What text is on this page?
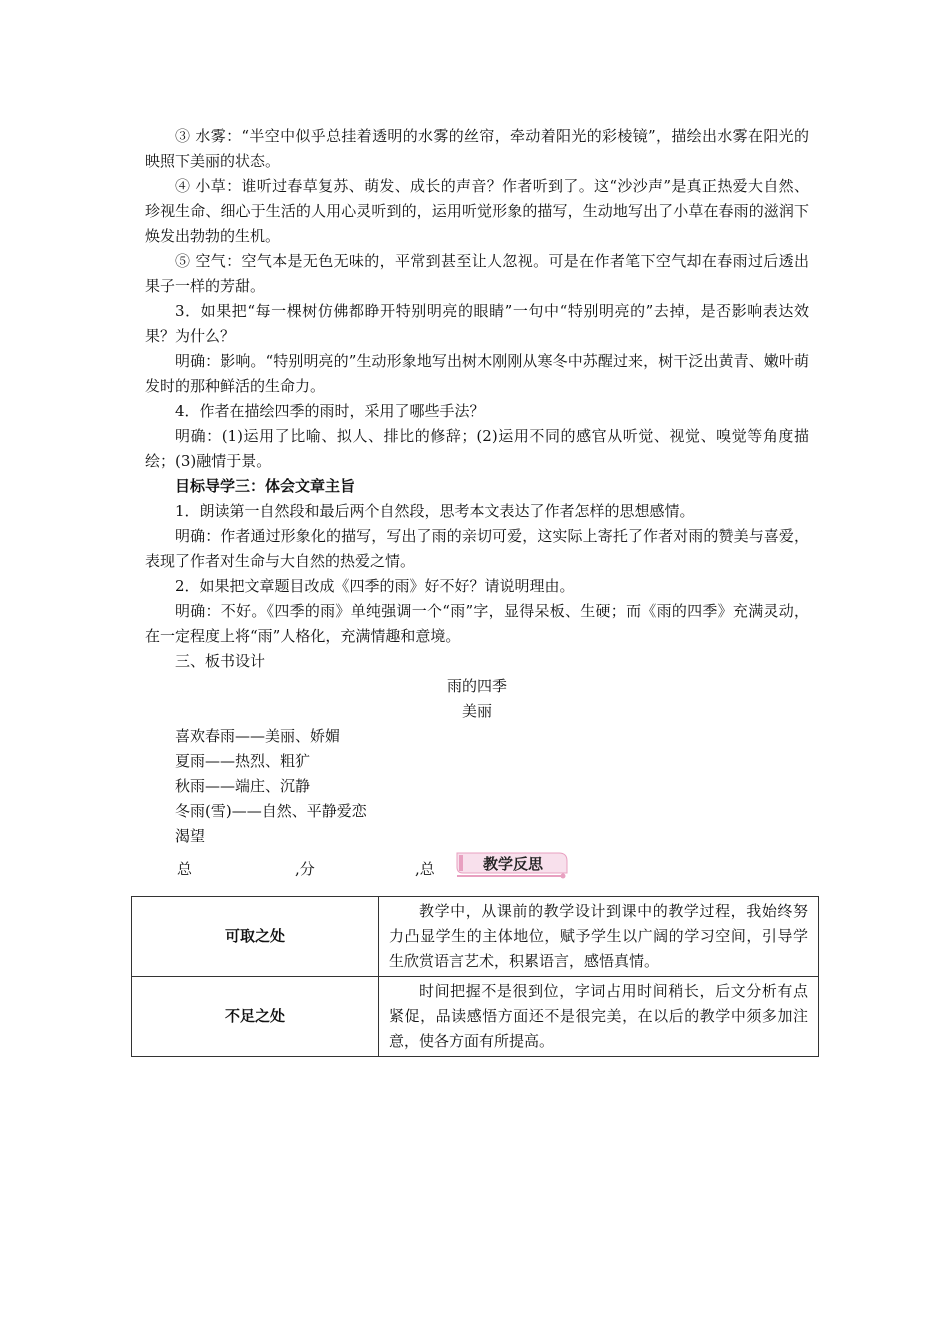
③ 水雾：“半空中似乎总挂着透明的水雾的丝帘，牵动着阳光的彩棱镜”，描绘出水雾在阳光的映照下美丽的状态。

④ 小草：谁听过春草复苏、萌发、成长的声音？作者听到了。这“沙沙声”是真正热爱大自然、珍视生命、细心于生活的人用心灵听到的，运用听觉形象的描写，生动地写出了小草在春雨的滋润下焕发出勃勃的生机。

⑤ 空气：空气本是无色无味的，平常到甚至让人忽视。可是在作者笔下空气却在春雨过后透出果子一样的芳甜。

3．如果把“每一棵树仿佛都睁开特别明亮的眼睛”一句中“特别明亮的”去掉，是否影响表达效果？为什么？

明确：影响。“特别明亮的”生动形象地写出树木刚刚从寒冬中苏醒过来，树干泛出黄青、嫩叶萌发时的那种鲜活的生命力。

4．作者在描绘四季的雨时，采用了哪些手法？

明确：(1)运用了比喻、拟人、排比的修辞；(2)运用不同的感官从听觉、视觉、嗅觉等角度描绘；(3)融情于景。

目标导学三：体会文章主旨

1．朗读第一自然段和最后两个自然段，思考本文表达了作者怎样的思想感情。

明确：作者通过形象化的描写，写出了雨的亲切可爱，这实际上寄托了作者对雨的赞美与喜爱，表现了作者对生命与大自然的热爱之情。

2．如果把文章题目改成《四季的雨》好不好？请说明理由。

明确：不好。《四季的雨》单纯强调一个“雨”字，显得呆板、生硬；而《雨的四季》充满灵动，在一定程度上将“雨”人格化，充满情趣和意境。

三、板书设计

雨的四季

美丽

喜欢春雨——美丽、娇媚

夏雨——热烈、粗犷

秋雨——端庄、沉静

冬雨(雪)——自然、平静爱恋

渴望

总	,分	,总	教学反思
可取之处	教学中，从课前的教学设计到课中的教学过程，我始终努力凸显学生的主体地位，赋予学生以广阔的学习空间，引导学生欣赏语言艺术，积累语言，感悟真情。
不足之处	时间把握不是很到位，字词占用时间稍长，后文分析有点紧促，品读感悟方面还不是很完美，在以后的教学中须多加注意，使各方面有所提高。
